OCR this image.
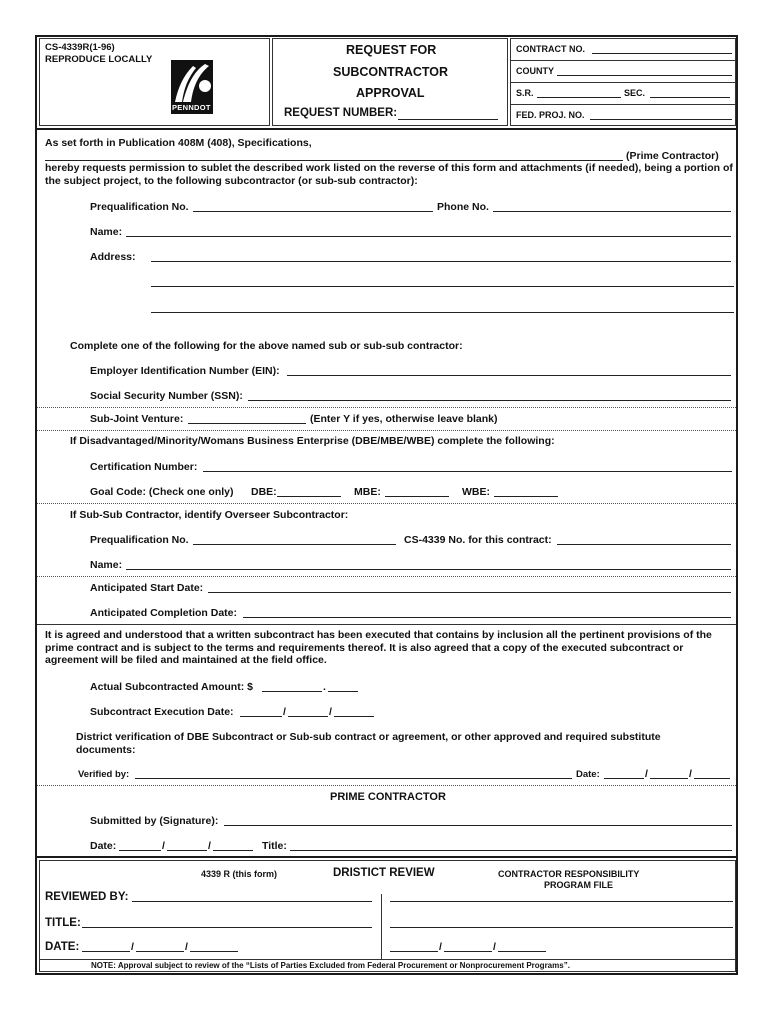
CS-4339R(1-96)
REPRODUCE LOCALLY
PENNDOT
REQUEST FOR
SUBCONTRACTOR
APPROVAL
REQUEST NUMBER:
CONTRACT NO.
COUNTY
S.R.	SEC.
FED. PROJ. NO.
As set forth in Publication 408M (408), Specifications,
(Prime Contractor)
hereby requests permission to sublet the described work listed on the reverse of this form and attachments (if needed), being a portion of the subject project, to the following subcontractor (or sub-sub contractor):
Prequalification No.	Phone No.
Name:
Address:
Complete one of the following for the above named sub or sub-sub contractor:
Employer Identification Number (EIN):
Social Security Number (SSN):
Sub-Joint Venture:	(Enter Y if yes, otherwise leave blank)
If Disadvantaged/Minority/Womans Business Enterprise (DBE/MBE/WBE) complete the following:
Certification Number:
Goal Code: (Check one only) DBE:	MBE:	WBE:
If Sub-Sub Contractor, identify Overseer Subcontractor:
Prequalification No.	CS-4339 No. for this contract:
Name:
Anticipated Start Date:
Anticipated Completion Date:
It is agreed and understood that a written subcontract has been executed that contains by inclusion all the pertinent provisions of the prime contract and is subject to the terms and requirements thereof. It is also agreed that a copy of the executed subcontract or agreement will be filed and maintained at the field office.
Actual Subcontracted Amount: $	.
Subcontract Execution Date:	/	/
District verification of DBE Subcontract or Sub-sub contract or agreement, or other approved and required substitute documents:
Verified by:	Date:	/	/
PRIME CONTRACTOR
Submitted by (Signature):
Date:	/	/	Title:
4339 R (this form)	DRISTICT REVIEW	CONTRACTOR RESPONSIBILITY
PROGRAM FILE
REVIEWED BY:
TITLE:
DATE:	/	/	/	/
NOTE: Approval subject to review of the “Lists of Parties Excluded from Federal Procurement or Nonprocurement Programs”.
